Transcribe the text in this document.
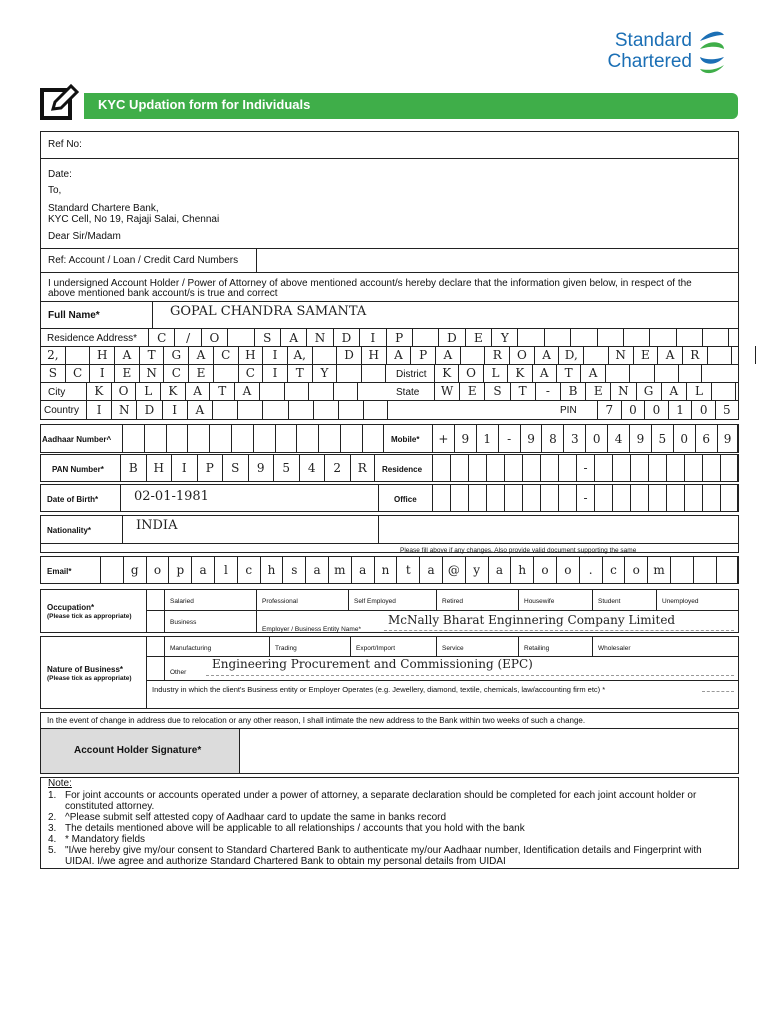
Standard
Chartered
KYC Updation form for Individuals
Ref No:
Date:
To,
Standard Chartere Bank,
KYC Cell, No 19, Rajaji Salai, Chennai
Dear Sir/Madam
Ref: Account / Loan / Credit Card Numbers
I undersigned Account Holder / Power of Attorney of above mentioned account/s hereby declare that the information given below, in respect of the
above mentioned bank account/s is true and correct
Full Name*	GOPAL CHANDRA SAMANTA
Residence Address*	C	/	O	S	A	N	D	I	P	D	E	Y
2,	H	A	T	G	A	C	H	I	A,	D	H	A	P	A	R	O	A	D,	N	E	A	R
S	C	I	E	N	C	E	C	I	T	Y	District	K	O	L	K	A	T	A
City	K	O	L	K	A	T	A	State	W	E	S	T	-	B	E	N	G	A	L
Country	I	N	D	I	A	PIN	7	0	0	1	0	5
Aadhaar Number^	Mobile*	+	9	1	-	9	8	3	0	4	9	5	0	6	9
PAN Number*	B	H	I	P	S	9	5	4	2	R	Residence	-
Date of Birth*	02-01-1981	Office	-
Nationality*	INDIA
Please fill above if any changes. Also provide valid document supporting the same
Email*	g	o	p	a	l	c	h	s	a	m	a	n	t	a	@	y	a	h	o	o	.	c	o	m
Occupation*
(Please tick as appropriate)
Salaried	Professional	Self Employed	Retired	Housewife	Student	Unemployed
Business
Employer / Business Entity Name*
McNally Bharat Enginnering Company Limited
Nature of Business*
(Please tick as appropriate)
Manufacturing	Trading	Export/Import	Service	Retailing	Wholesaler
Other
Engineering Procurement and Commissioning (EPC)
Industry in which the client's Business entity or Employer Operates (e.g. Jewellery, diamond, textile, chemicals, law/accounting firm etc) *
In the event of change in address due to relocation or any other reason, I shall intimate the new address to the Bank within two weeks of such a change.
Account Holder Signature*
Note:
1. For joint accounts or accounts operated under a power of attorney, a separate declaration should be completed for each joint account holder or
constituted attorney.
2. ^Please submit self attested copy of Aadhaar card to update the same in banks record
3. The details mentioned above will be applicable to all relationships / accounts that you hold with the bank
4. * Mandatory fields
5. "I/we hereby give my/our consent to Standard Chartered Bank to authenticate my/our Aadhaar number, Identification details and Fingerprint with
UIDAI. I/we agree and authorize Standard Chartered Bank to obtain my personal details from UIDAI
